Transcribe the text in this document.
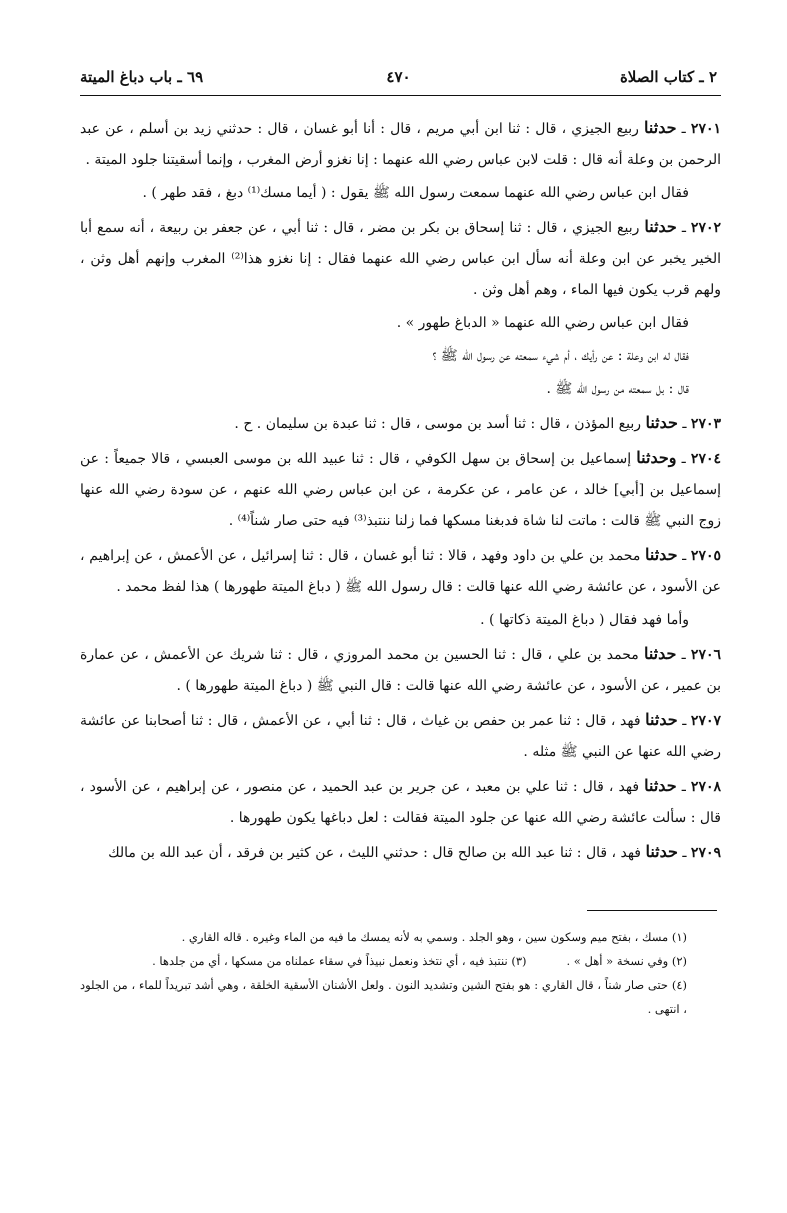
٢ ـ كتاب الصلاة
٤٧٠
٦٩ ـ باب دباغ الميتة

٢٧٠١ ـ حدثنا ربيع الجيزي ، قال : ثنا ابن أبي مريم ، قال : أنا أبو غسان ، قال : حدثني زيد بن أسلم ، عن عبد الرحمن بن وعلة أنه قال : قلت لابن عباس رضي الله عنهما : إنا نغزو أرض المغرب ، وإنما أسقيتنا جلود الميتة .

فقال ابن عباس رضي الله عنهما سمعت رسول الله ﷺ يقول : ( أيما مسك⁽¹⁾ دبغ ، فقد طهر ) .

٢٧٠٢ ـ حدثنا ربيع الجيزي ، قال : ثنا إسحاق بن بكر بن مضر ، قال : ثنا أبي ، عن جعفر بن ربيعة ، أنه سمع أبا الخير يخبر عن ابن وعلة أنه سأل ابن عباس رضي الله عنهما فقال : إنا نغزو هذا⁽²⁾ المغرب وإنهم أهل وثن ، ولهم قرب يكون فيها الماء ، وهم أهل وثن .

فقال ابن عباس رضي الله عنهما « الدباغ طهور » .

فقال له ابن وعلة : عن رأيك ، أم شيء سمعته عن رسول الله ﷺ ؟

قال : بل سمعته من رسول الله ﷺ .

٢٧٠٣ ـ حدثنا ربيع المؤذن ، قال : ثنا أسد بن موسى ، قال : ثنا عبدة بن سليمان . ح .

٢٧٠٤ ـ وحدثنا إسماعيل بن إسحاق بن سهل الكوفي ، قال : ثنا عبيد الله بن موسى العبسي ، قالا جميعاً : عن إسماعيل بن [أبي] خالد ، عن عامر ، عن عكرمة ، عن ابن عباس رضي الله عنهم ، عن سودة رضي الله عنها زوج النبي ﷺ قالت : ماتت لنا شاة فدبغنا مسكها فما زلنا ننتبذ⁽³⁾ فيه حتى صار شناً⁽⁴⁾ .

٢٧٠٥ ـ حدثنا محمد بن علي بن داود وفهد ، قالا : ثنا أبو غسان ، قال : ثنا إسرائيل ، عن الأعمش ، عن إبراهيم ، عن الأسود ، عن عائشة رضي الله عنها قالت : قال رسول الله ﷺ ( دباغ الميتة طهورها ) هذا لفظ محمد .

وأما فهد فقال ( دباغ الميتة ذكاتها ) .

٢٧٠٦ ـ حدثنا محمد بن علي ، قال : ثنا الحسين بن محمد المروزي ، قال : ثنا شريك عن الأعمش ، عن عمارة بن عمير ، عن الأسود ، عن عائشة رضي الله عنها قالت : قال النبي ﷺ ( دباغ الميتة طهورها ) .

٢٧٠٧ ـ حدثنا فهد ، قال : ثنا عمر بن حفص بن غياث ، قال : ثنا أبي ، عن الأعمش ، قال : ثنا أصحابنا عن عائشة رضي الله عنها عن النبي ﷺ مثله .

٢٧٠٨ ـ حدثنا فهد ، قال : ثنا علي بن معبد ، عن جرير بن عبد الحميد ، عن منصور ، عن إبراهيم ، عن الأسود ، قال : سألت عائشة رضي الله عنها عن جلود الميتة فقالت : لعل دباغها يكون طهورها .

٢٧٠٩ ـ حدثنا فهد ، قال : ثنا عبد الله بن صالح قال : حدثني الليث ، عن كثير بن فرقد ، أن عبد الله بن مالك

(١) مسك ، بفتح ميم وسكون سين ، وهو الجلد . وسمي به لأنه يمسك ما فيه من الماء وغيره . قاله القاري .

(٢) وفي نسخة « أهل » .
(٣) ننتبذ فيه ، أي نتخذ ونعمل نبيذاً في سقاء عملناه من مسكها ، أي من جلدها .

(٤) حتى صار شناً ، قال القاري : هو بفتح الشين وتشديد النون . ولعل الأشنان الأسقية الخلقة ، وهي أشد تبريداً للماء ، من الجلود ، انتهى .
